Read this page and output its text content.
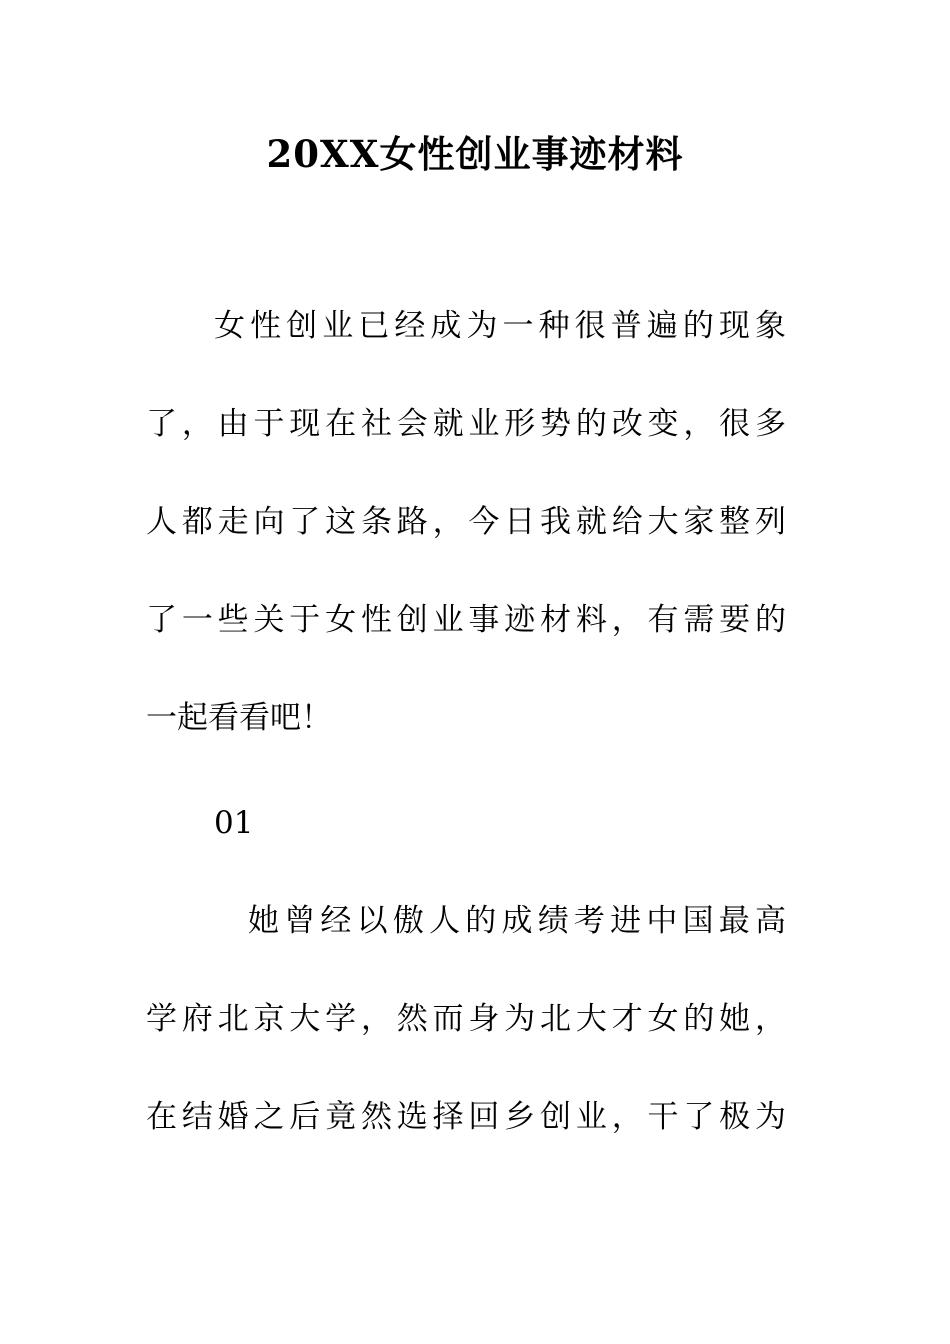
20XX女性创业事迹材料
女性创业已经成为一种很普遍的现象
了，由于现在社会就业形势的改变，很多
人都走向了这条路，今日我就给大家整列
了一些关于女性创业事迹材料，有需要的
一起看看吧！
01
她曾经以傲人的成绩考进中国最高
学府北京大学，然而身为北大才女的她，
在结婚之后竟然选择回乡创业，干了极为
